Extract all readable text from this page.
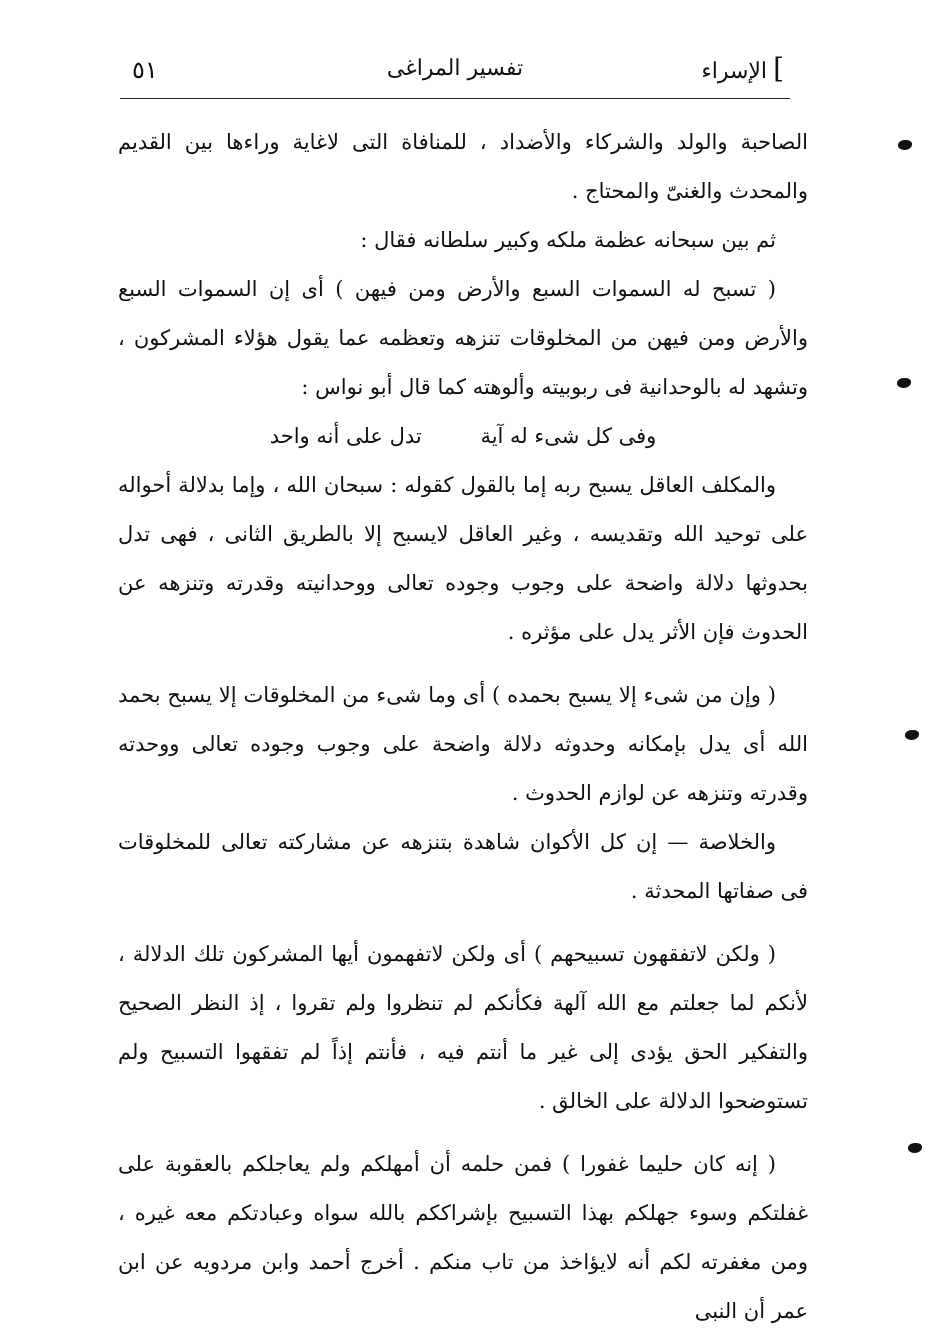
٥١	تفسير المراغى	]الإسراء

الصاحبة والولد والشركاء والأضداد ، للمنافاة التى لاغاية وراءها بين القديم والمحدث والغنىّ والمحتاج .

ثم بين سبحانه عظمة ملكه وكبير سلطانه فقال :

( تسبح له السموات السبع والأرض ومن فيهن ) أى إن السموات السبع والأرض ومن فيهن من المخلوقات تنزهه وتعظمه عما يقول هؤلاء المشركون ، وتشهد له بالوحدانية فى ربوبيته وألوهته كما قال أبو نواس :

وفى كل شىء له آية تدل على أنه واحد

والمكلف العاقل يسبح ربه إما بالقول كقوله : سبحان الله ، وإما بدلالة أحواله على توحيد الله وتقديسه ، وغير العاقل لايسبح إلا بالطريق الثانى ، فهى تدل بحدوثها دلالة واضحة على وجوب وجوده تعالى ووحدانيته وقدرته وتنزهه عن الحدوث فإن الأثر يدل على مؤثره .

( وإن من شىء إلا يسبح بحمده ) أى وما شىء من المخلوقات إلا يسبح بحمد الله أى يدل بإمكانه وحدوثه دلالة واضحة على وجوب وجوده تعالى ووحدته وقدرته وتنزهه عن لوازم الحدوث .

والخلاصة — إن كل الأكوان شاهدة بتنزهه عن مشاركته تعالى للمخلوقات فى صفاتها المحدثة .

( ولكن لاتفقهون تسبيحهم ) أى ولكن لاتفهمون أيها المشركون تلك الدلالة ، لأنكم لما جعلتم مع الله آلهة فكأنكم لم تنظروا ولم تقروا ، إذ النظر الصحيح والتفكير الحق يؤدى إلى غير ما أنتم فيه ، فأنتم إذاً لم تفقهوا التسبيح ولم تستوضحوا الدلالة على الخالق .

( إنه كان حليما غفورا ) فمن حلمه أن أمهلكم ولم يعاجلكم بالعقوبة على غفلتكم وسوء جهلكم بهذا التسبيح بإشراككم بالله سواه وعبادتكم معه غيره ، ومن مغفرته لكم أنه لايؤاخذ من تاب منكم . أخرج أحمد وابن مردويه عن ابن عمر أن النبى
